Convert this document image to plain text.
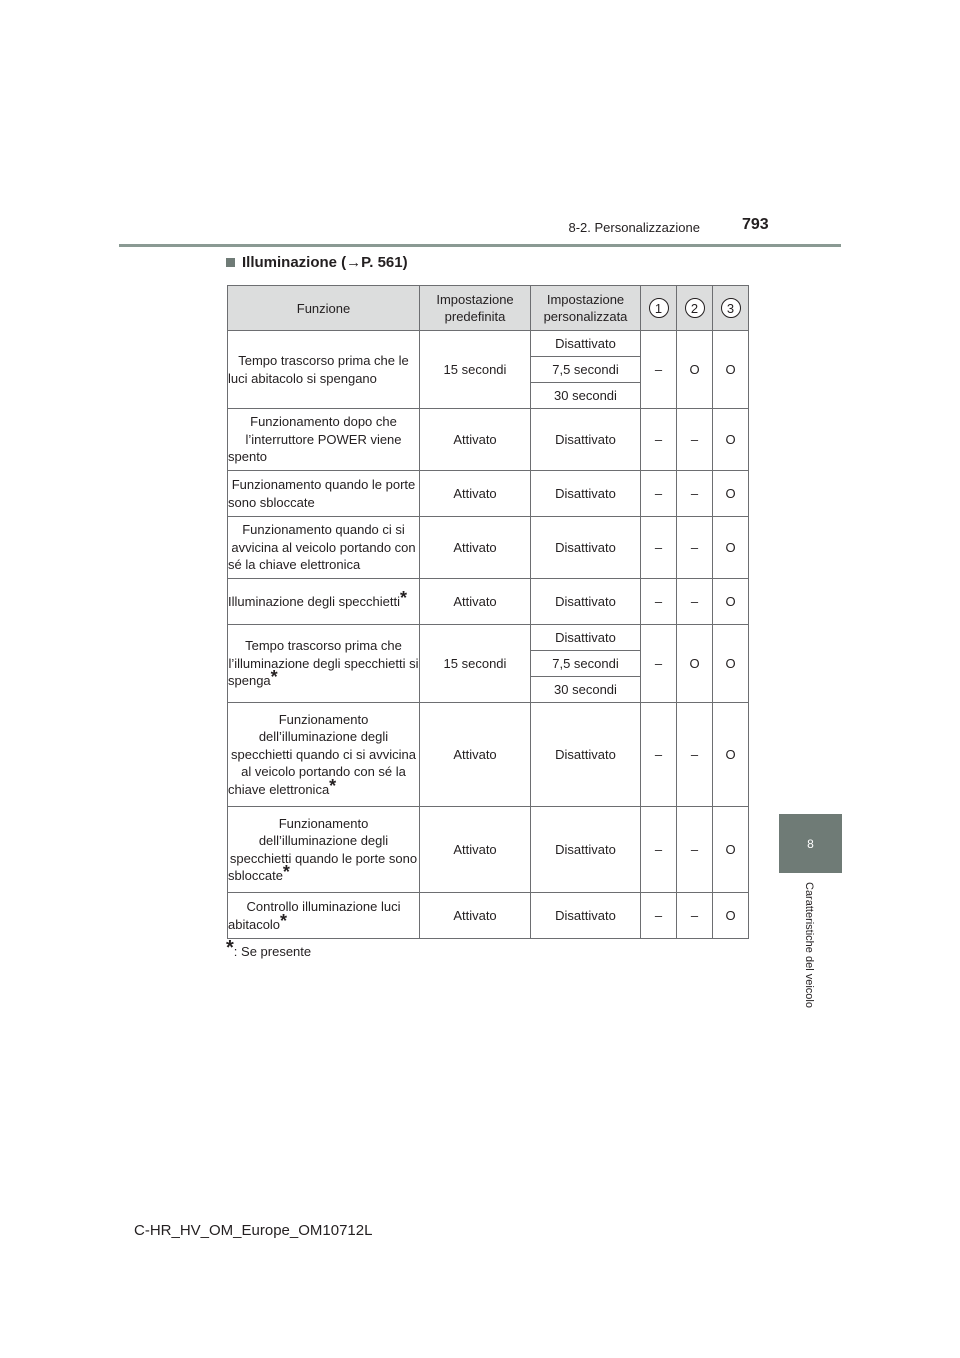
8-2. Personalizzazione	793
8
Caratteristiche del veicolo
Illuminazione (→P. 561)
Funzione	Impostazione predefinita	Impostazione personalizzata	1	2	3
Tempo trascorso prima che le luci abitacolo si spengano	15 secondi	Disattivato	–	O	O
		7,5 secondi			
		30 secondi			
Funzionamento dopo che l’interruttore POWER viene spento	Attivato	Disattivato	–	–	O
Funzionamento quando le porte sono sbloccate	Attivato	Disattivato	–	–	O
Funzionamento quando ci si avvicina al veicolo portando con sé la chiave elettronica	Attivato	Disattivato	–	–	O
Illuminazione degli specchietti*	Attivato	Disattivato	–	–	O
Tempo trascorso prima che l’illuminazione degli specchietti si spenga*	15 secondi	Disattivato	–	O	O
		7,5 secondi			
		30 secondi			
Funzionamento dell’illuminazione degli specchietti quando ci si avvicina al veicolo portando con sé la chiave elettronica*	Attivato	Disattivato	–	–	O
Funzionamento dell’illuminazione degli specchietti quando le porte sono sbloccate*	Attivato	Disattivato	–	–	O
Controllo illuminazione luci abitacolo*	Attivato	Disattivato	–	–	O
*: Se presente
C-HR_HV_OM_Europe_OM10712L
